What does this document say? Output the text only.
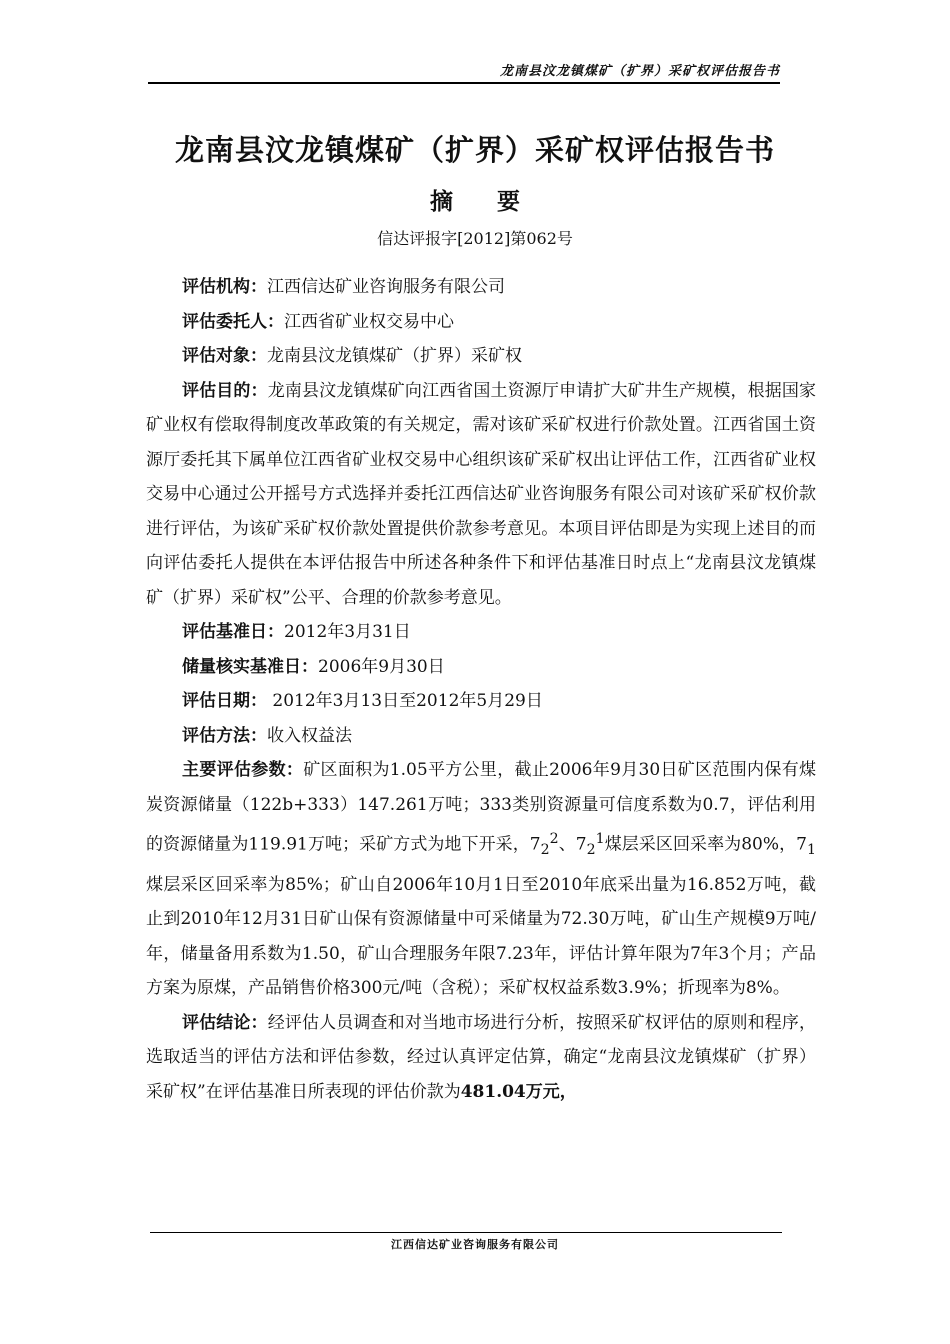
龙南县汶龙镇煤矿（扩界）采矿权评估报告书
龙南县汶龙镇煤矿（扩界）采矿权评估报告书
摘 要
信达评报字[2012]第062号

评估机构：江西信达矿业咨询服务有限公司

评估委托人：江西省矿业权交易中心

评估对象：龙南县汶龙镇煤矿（扩界）采矿权

评估目的：龙南县汶龙镇煤矿向江西省国土资源厅申请扩大矿井生产规模，根据国家矿业权有偿取得制度改革政策的有关规定，需对该矿采矿权进行价款处置。江西省国土资源厅委托其下属单位江西省矿业权交易中心组织该矿采矿权出让评估工作，江西省矿业权交易中心通过公开摇号方式选择并委托江西信达矿业咨询服务有限公司对该矿采矿权价款进行评估，为该矿采矿权价款处置提供价款参考意见。本项目评估即是为实现上述目的而向评估委托人提供在本评估报告中所述各种条件下和评估基准日时点上“龙南县汶龙镇煤矿（扩界）采矿权”公平、合理的价款参考意见。

评估基准日：2012年3月31日

储量核实基准日：2006年9月30日

评估日期： 2012年3月13日至2012年5月29日

评估方法：收入权益法

主要评估参数：矿区面积为1.05平方公里，截止2006年9月30日矿区范围内保有煤炭资源储量（122b+333）147.261万吨；333类别资源量可信度系数为0.7，评估利用的资源储量为119.91万吨；采矿方式为地下开采，$7_2^2$、$7_2^1$煤层采区回采率为80%，$7_1$煤层采区回采率为85%；矿山自2006年10月1日至2010年底采出量为16.852万吨，截止到2010年12月31日矿山保有资源储量中可采储量为72.30万吨，矿山生产规模9万吨/年，储量备用系数为1.50，矿山合理服务年限7.23年，评估计算年限为7年3个月；产品方案为原煤，产品销售价格300元/吨（含税）；采矿权权益系数3.9%；折现率为8%。

评估结论：经评估人员调查和对当地市场进行分析，按照采矿权评估的原则和程序，选取适当的评估方法和评估参数，经过认真评定估算，确定“龙南县汶龙镇煤矿（扩界）采矿权”在评估基准日所表现的评估价款为481.04万元，

江西信达矿业咨询服务有限公司
